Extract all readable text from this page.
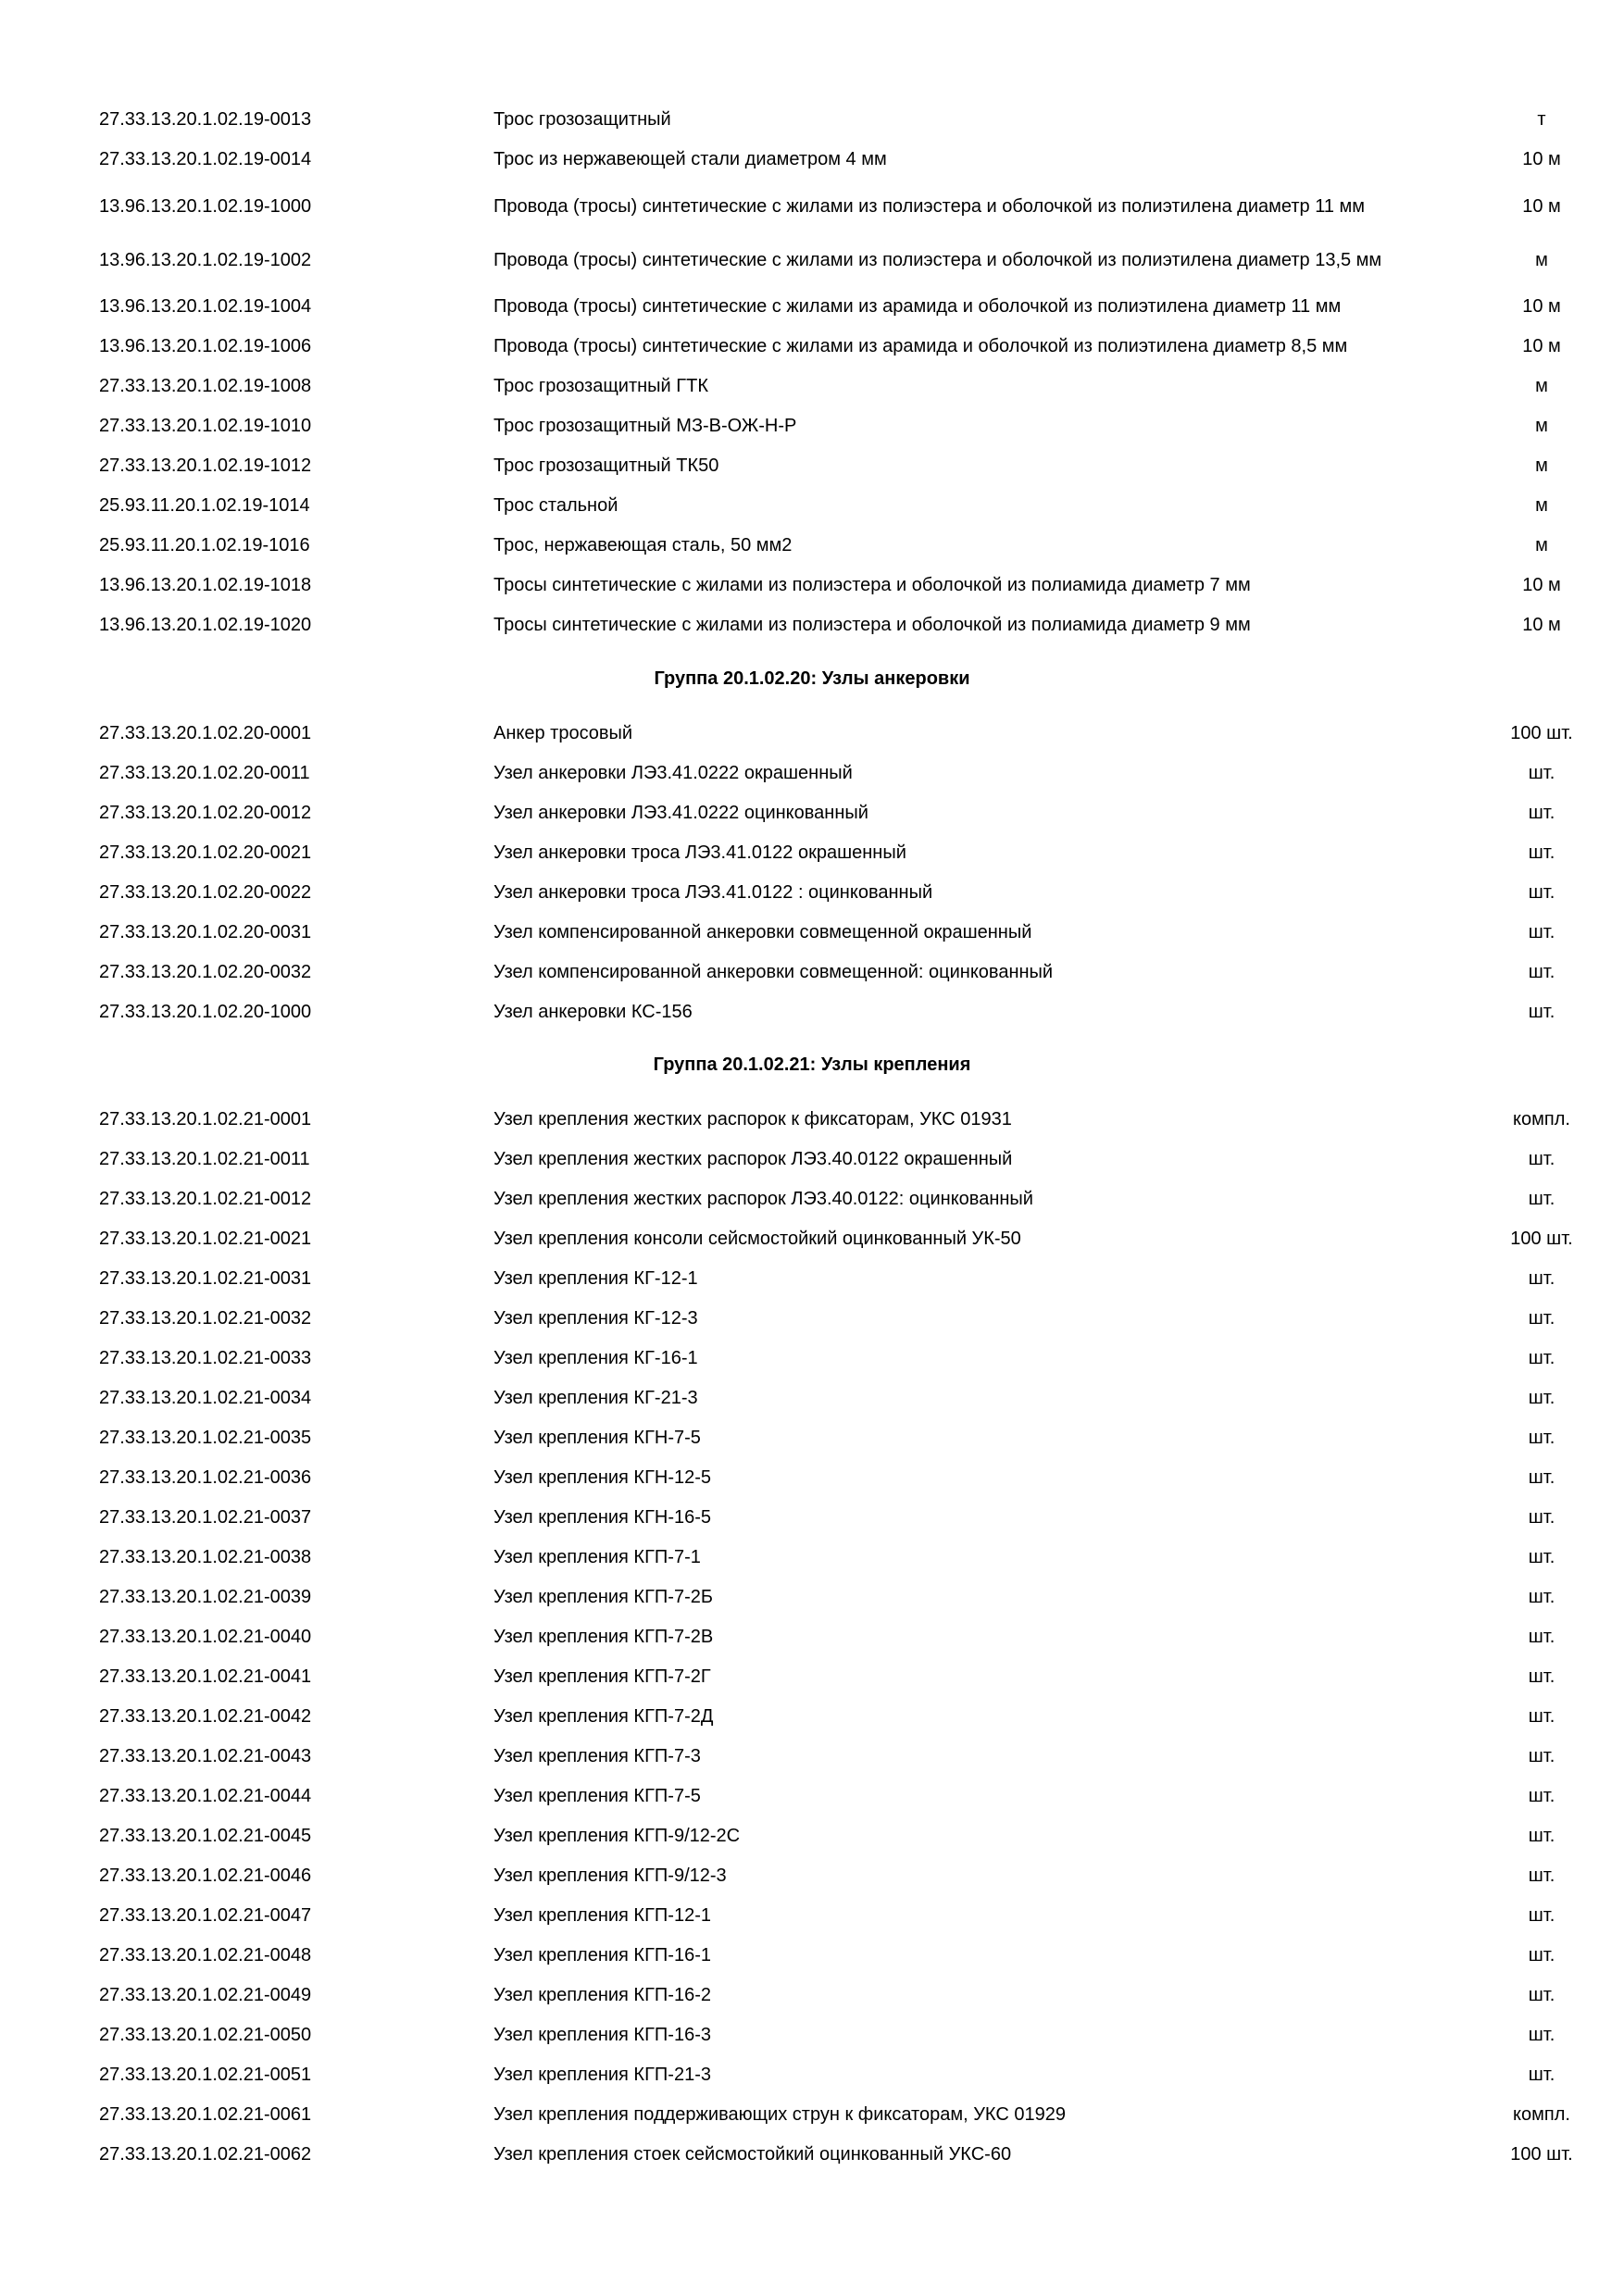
27.33.13.20.1.02.19-0013	Трос грозозащитный	т
27.33.13.20.1.02.19-0014	Трос из нержавеющей стали диаметром 4 мм	10 м
13.96.13.20.1.02.19-1000	Провода (тросы) синтетические с жилами из полиэстера и оболочкой из полиэтилена диаметр 11 мм	10 м
13.96.13.20.1.02.19-1002	Провода (тросы) синтетические с жилами из полиэстера и оболочкой из полиэтилена диаметр 13,5 мм	м
13.96.13.20.1.02.19-1004	Провода (тросы) синтетические с жилами из арамида и оболочкой из полиэтилена диаметр 11 мм	10 м
13.96.13.20.1.02.19-1006	Провода (тросы) синтетические с жилами из арамида и оболочкой из полиэтилена диаметр 8,5 мм	10 м
27.33.13.20.1.02.19-1008	Трос грозозащитный ГТК	м
27.33.13.20.1.02.19-1010	Трос грозозащитный МЗ-В-ОЖ-Н-Р	м
27.33.13.20.1.02.19-1012	Трос грозозащитный ТК50	м
25.93.11.20.1.02.19-1014	Трос стальной	м
25.93.11.20.1.02.19-1016	Трос, нержавеющая сталь, 50 мм2	м
13.96.13.20.1.02.19-1018	Тросы синтетические с жилами из полиэстера и оболочкой из полиамида диаметр 7 мм	10 м
13.96.13.20.1.02.19-1020	Тросы синтетические с жилами из полиэстера и оболочкой из полиамида диаметр 9 мм	10 м
Группа 20.1.02.20: Узлы анкеровки
27.33.13.20.1.02.20-0001	Анкер тросовый	100 шт.
27.33.13.20.1.02.20-0011	Узел анкеровки ЛЭ3.41.0222 окрашенный	шт.
27.33.13.20.1.02.20-0012	Узел анкеровки ЛЭ3.41.0222 оцинкованный	шт.
27.33.13.20.1.02.20-0021	Узел анкеровки троса ЛЭ3.41.0122 окрашенный	шт.
27.33.13.20.1.02.20-0022	Узел анкеровки троса ЛЭ3.41.0122 : оцинкованный	шт.
27.33.13.20.1.02.20-0031	Узел компенсированной анкеровки совмещенной окрашенный	шт.
27.33.13.20.1.02.20-0032	Узел компенсированной анкеровки совмещенной: оцинкованный	шт.
27.33.13.20.1.02.20-1000	Узел анкеровки КС-156	шт.
Группа 20.1.02.21: Узлы крепления
27.33.13.20.1.02.21-0001	Узел крепления жестких распорок к фиксаторам, УКС 01931	компл.
27.33.13.20.1.02.21-0011	Узел крепления жестких распорок ЛЭ3.40.0122 окрашенный	шт.
27.33.13.20.1.02.21-0012	Узел крепления жестких распорок ЛЭ3.40.0122: оцинкованный	шт.
27.33.13.20.1.02.21-0021	Узел крепления консоли сейсмостойкий оцинкованный УК-50	100 шт.
27.33.13.20.1.02.21-0031	Узел крепления КГ-12-1	шт.
27.33.13.20.1.02.21-0032	Узел крепления КГ-12-3	шт.
27.33.13.20.1.02.21-0033	Узел крепления КГ-16-1	шт.
27.33.13.20.1.02.21-0034	Узел крепления КГ-21-3	шт.
27.33.13.20.1.02.21-0035	Узел крепления КГН-7-5	шт.
27.33.13.20.1.02.21-0036	Узел крепления КГН-12-5	шт.
27.33.13.20.1.02.21-0037	Узел крепления КГН-16-5	шт.
27.33.13.20.1.02.21-0038	Узел крепления КГП-7-1	шт.
27.33.13.20.1.02.21-0039	Узел крепления КГП-7-2Б	шт.
27.33.13.20.1.02.21-0040	Узел крепления КГП-7-2В	шт.
27.33.13.20.1.02.21-0041	Узел крепления КГП-7-2Г	шт.
27.33.13.20.1.02.21-0042	Узел крепления КГП-7-2Д	шт.
27.33.13.20.1.02.21-0043	Узел крепления КГП-7-3	шт.
27.33.13.20.1.02.21-0044	Узел крепления КГП-7-5	шт.
27.33.13.20.1.02.21-0045	Узел крепления КГП-9/12-2С	шт.
27.33.13.20.1.02.21-0046	Узел крепления КГП-9/12-3	шт.
27.33.13.20.1.02.21-0047	Узел крепления КГП-12-1	шт.
27.33.13.20.1.02.21-0048	Узел крепления КГП-16-1	шт.
27.33.13.20.1.02.21-0049	Узел крепления КГП-16-2	шт.
27.33.13.20.1.02.21-0050	Узел крепления КГП-16-3	шт.
27.33.13.20.1.02.21-0051	Узел крепления КГП-21-3	шт.
27.33.13.20.1.02.21-0061	Узел крепления поддерживающих струн к фиксаторам, УКС 01929	компл.
27.33.13.20.1.02.21-0062	Узел крепления стоек сейсмостойкий оцинкованный УКС-60	100 шт.
